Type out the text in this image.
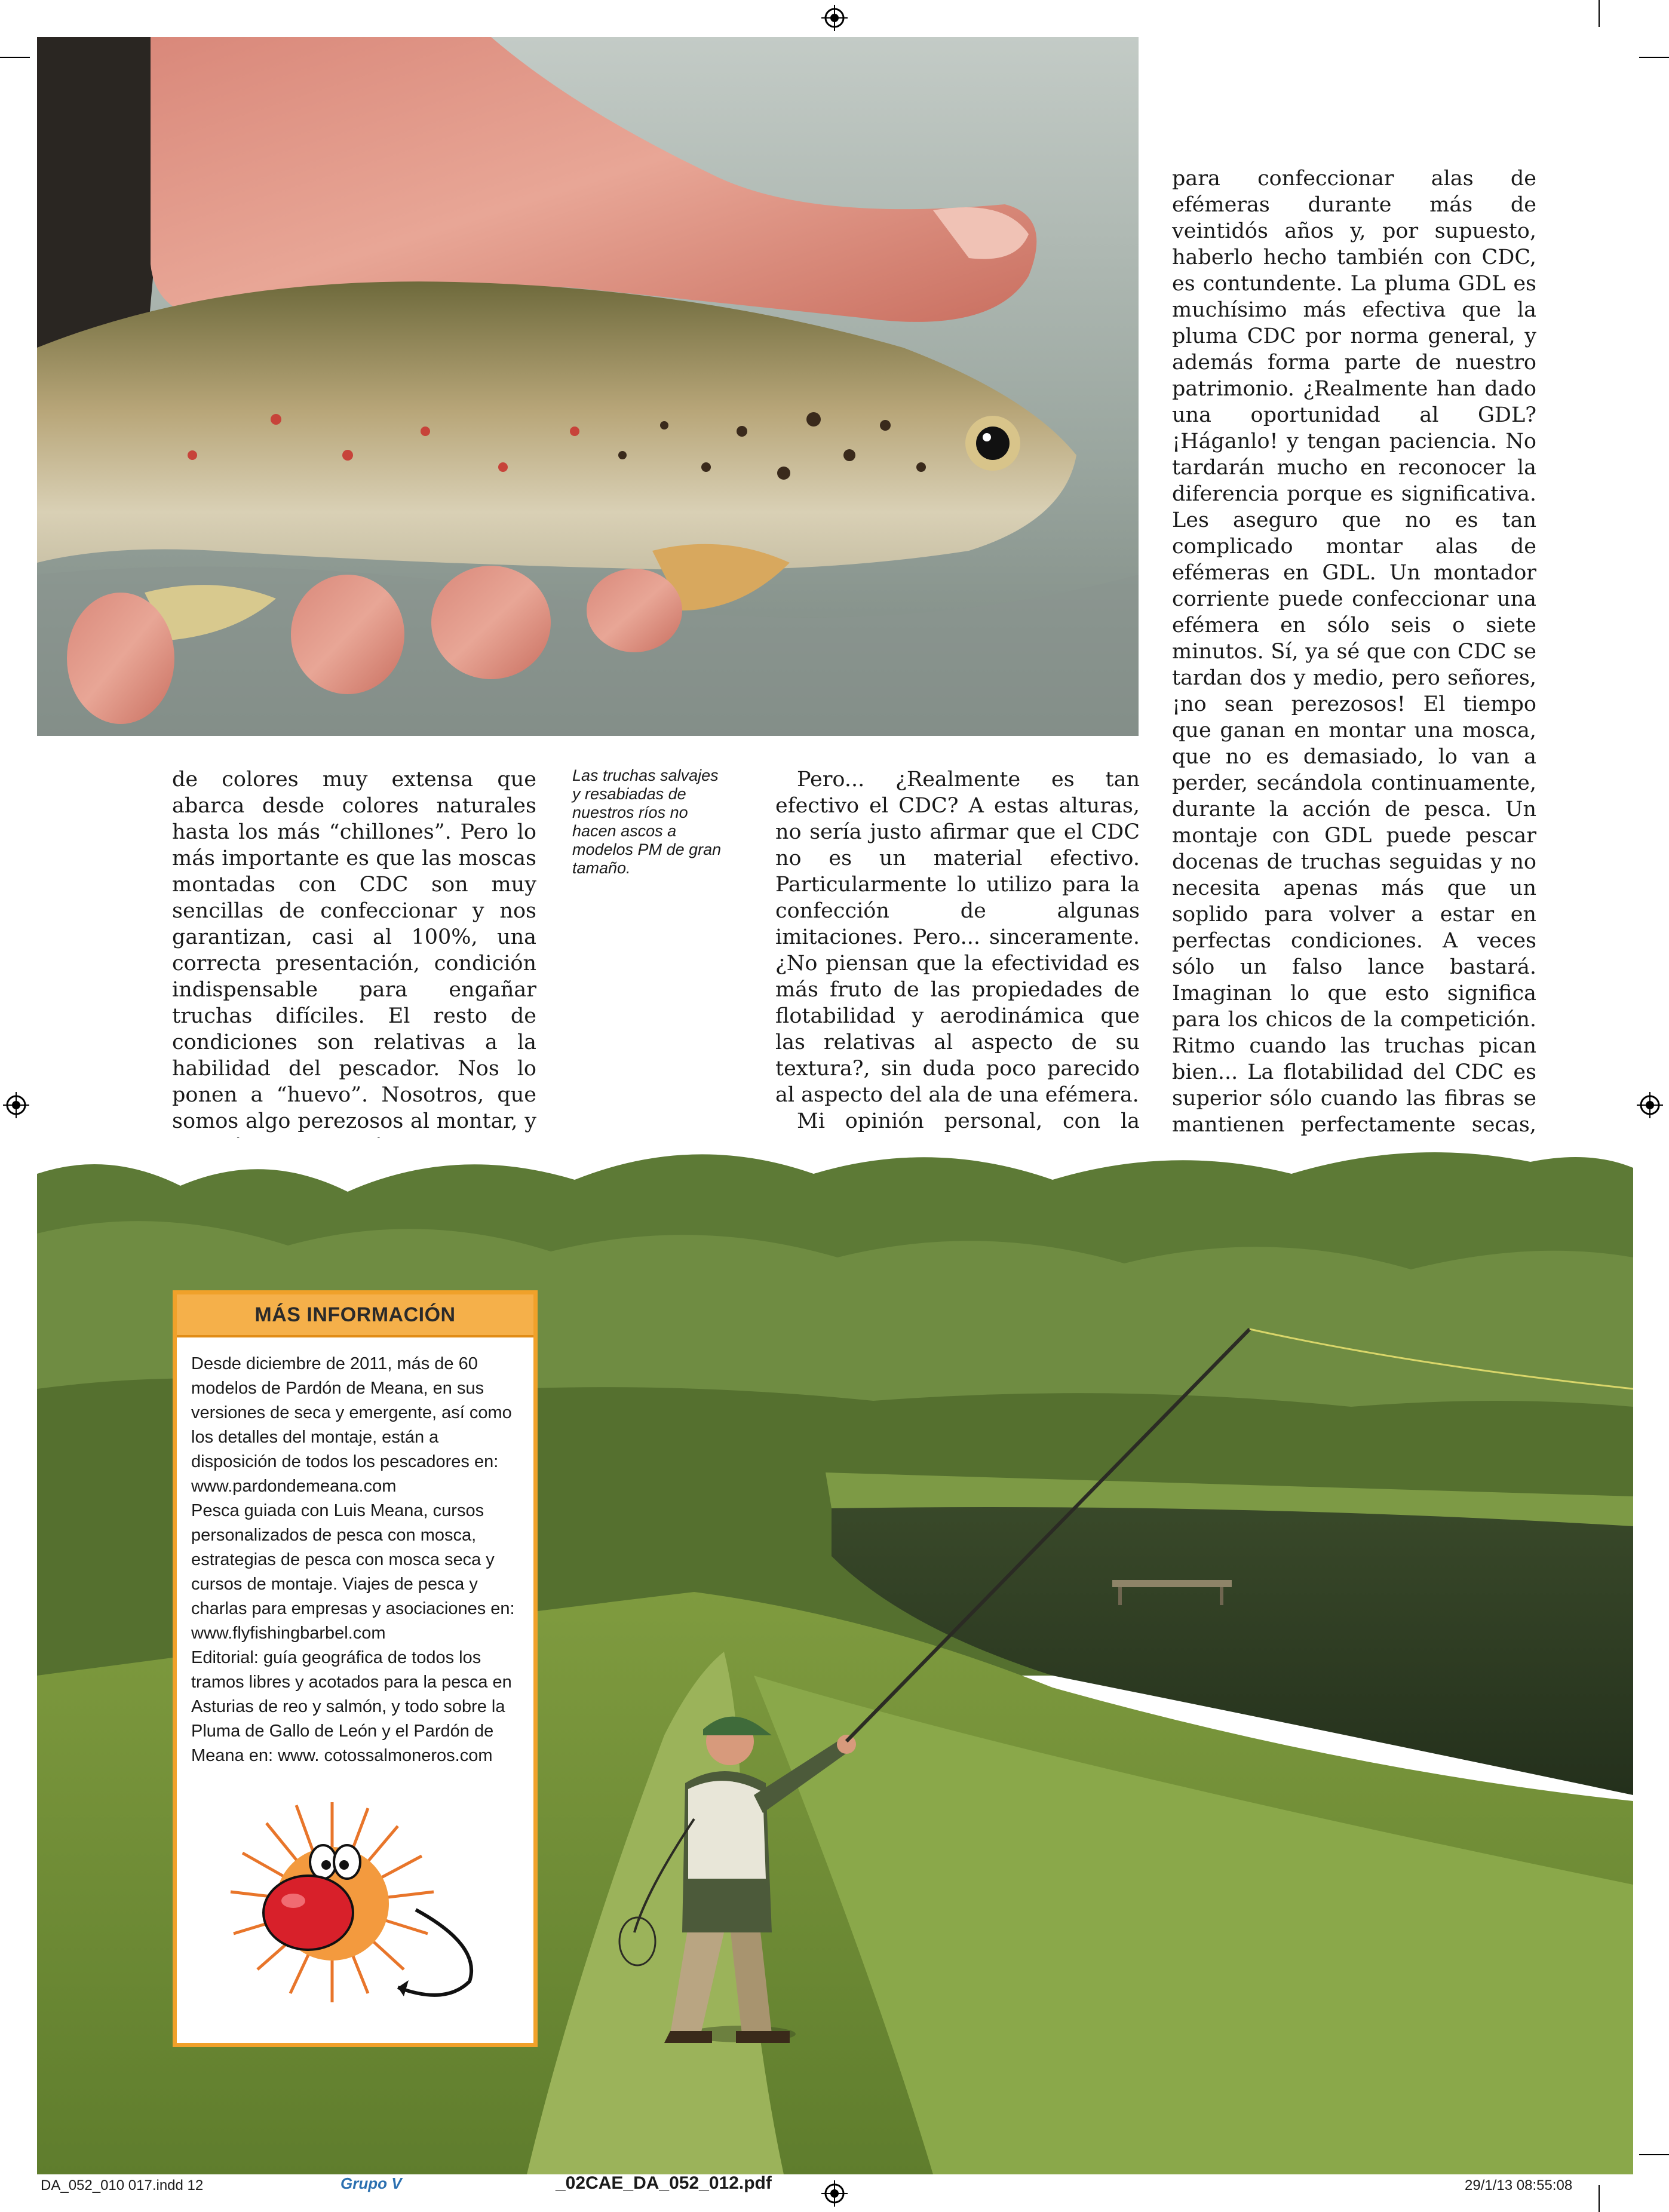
de colores muy extensa que abarca desde colores naturales hasta los más “chillones”. Pero lo más importante es que las moscas montadas con CDC son muy sencillas de confeccionar y nos garantizan, casi al 100%, una correcta presentación, condición indispensable para engañar truchas difíciles. El resto de condiciones son relativas a la habilidad del pescador. Nos lo ponen a “huevo”. Nosotros, que somos algo perezosos al montar, y

Las truchas salvajes y resabiadas de nuestros ríos no hacen ascos a modelos PM de gran tamaño.

Pero... ¿Realmente es tan efectivo el CDC? A estas alturas, no sería justo afirmar que el CDC no es un material efectivo. Particularmente lo utilizo para la confección de algunas imitaciones. Pero... sinceramente. ¿No piensan que la efectividad es más fruto de las propiedades de flotabilidad y aerodinámica que las relativas al aspecto de su textura?, sin duda poco parecido al aspecto del ala de una efémera.

Mi opinión personal, con la

para confeccionar alas de efémeras durante más de veintidós años y, por supuesto, haberlo hecho también con CDC, es contundente. La pluma GDL es muchísimo más efectiva que la pluma CDC por norma general, y además forma parte de nuestro patrimonio. ¿Realmente han dado una oportunidad al GDL? ¡Háganlo! y tengan paciencia. No tardarán mucho en reconocer la diferencia porque es significativa. Les aseguro que no es tan complicado montar alas de efémeras en GDL. Un montador corriente puede confeccionar una efémera en sólo seis o siete minutos. Sí, ya sé que con CDC se tardan dos y medio, pero señores, ¡no sean perezosos! El tiempo que ganan en montar una mosca, que no es demasiado, lo van a perder, secándola continuamente, durante la acción de pesca. Un montaje con GDL puede pescar docenas de truchas seguidas y no necesita apenas más que un soplido para volver a estar en perfectas condiciones. A veces sólo un falso lance bastará. Imaginan lo que esto significa para los chicos de la competición. Ritmo cuando las truchas pican bien... La flotabilidad del CDC es superior sólo cuando las fibras se mantienen perfectamente secas,

MÁS INFORMACIÓN
Desde diciembre de 2011, más de 60 modelos de Pardón de Meana, en sus versiones de seca y emergente, así como los detalles del montaje, están a disposición de todos los pescadores en: www.pardondemeana.com
Pesca guiada con Luis Meana, cursos personalizados de pesca con mosca, estrategias de pesca con mosca seca y cursos de montaje. Viajes de pesca y charlas para empresas y asociaciones en: www.flyfishingbarbel.com
Editorial: guía geográfica de todos los tramos libres y acotados para la pesca en Asturias de reo y salmón, y todo sobre la Pluma de Gallo de León y el Pardón de Meana en: www. cotossalmoneros.com
DA_052_010 017.indd 12	Grupo V	_02CAE_DA_052_012.pdf	29/1/13 08:55:08
